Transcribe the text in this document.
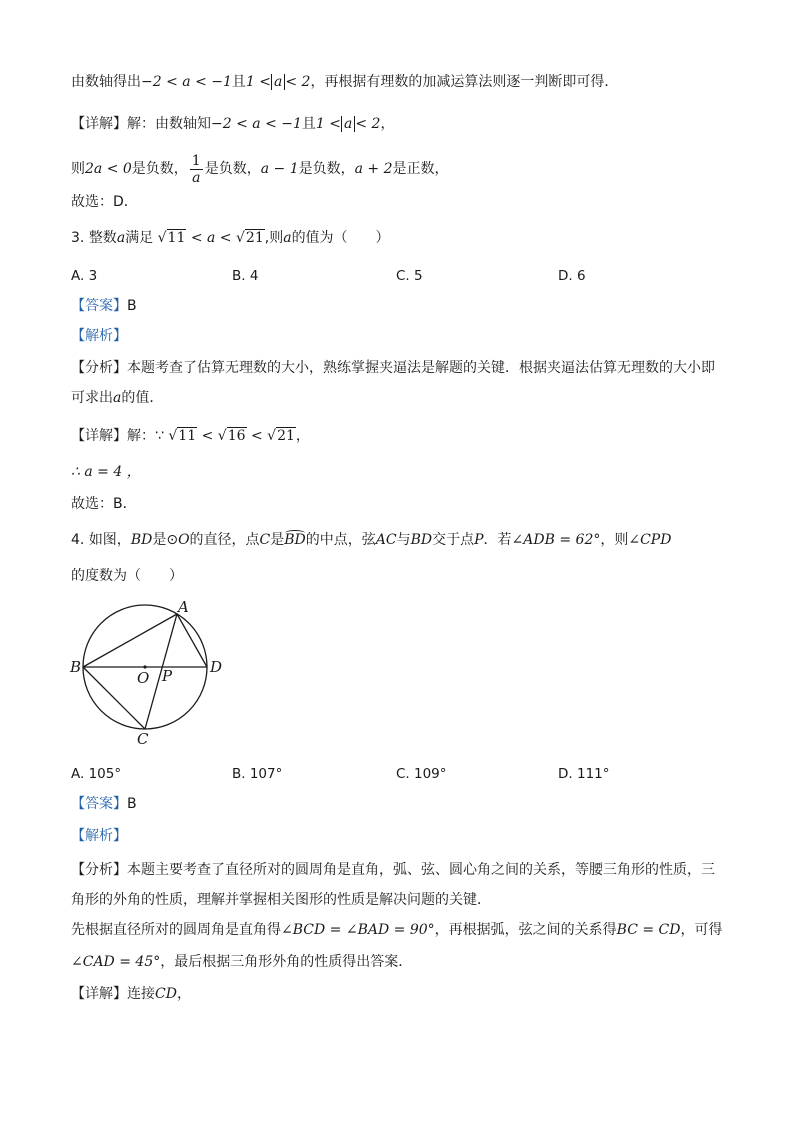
由数轴得出−2 < a < −1且1 < a < 2，再根据有理数的加减运算法则逐一判断即可得．
【详解】解：由数轴知−2 < a < −1且1 < a < 2，
则2a < 0是负数， $\frac{1}{a}$ 是负数，a − 1是负数，a + 2是正数，
故选：D．
3. 整数a满足 √11 < a < √21,则a的值为（　　）
A. 3	B. 4	C. 5	D. 6
【答案】B
【解析】
【分析】本题考查了估算无理数的大小，熟练掌握夹逼法是解题的关键．根据夹逼法估算无理数的大小即
可求出a的值．
【详解】解：∵ √11 < √16 < √21，
∴ a = 4 ，
故选：B．
4. 如图，BD是⊙O的直径，点C是BD的中点，弦AC与BD交于点P．若∠ADB = 62°，则∠CPD
的度数为（　　）
A
B	D
O P
C
A. 105°	B. 107°	C. 109°	D. 111°
【答案】B
【解析】
【分析】本题主要考查了直径所对的圆周角是直角，弧、弦、圆心角之间的关系，等腰三角形的性质，三
角形的外角的性质，理解并掌握相关图形的性质是解决问题的关键．
先根据直径所对的圆周角是直角得∠BCD = ∠BAD = 90°，再根据弧，弦之间的关系得BC = CD，可得
∠CAD = 45°，最后根据三角形外角的性质得出答案．
【详解】连接CD，
